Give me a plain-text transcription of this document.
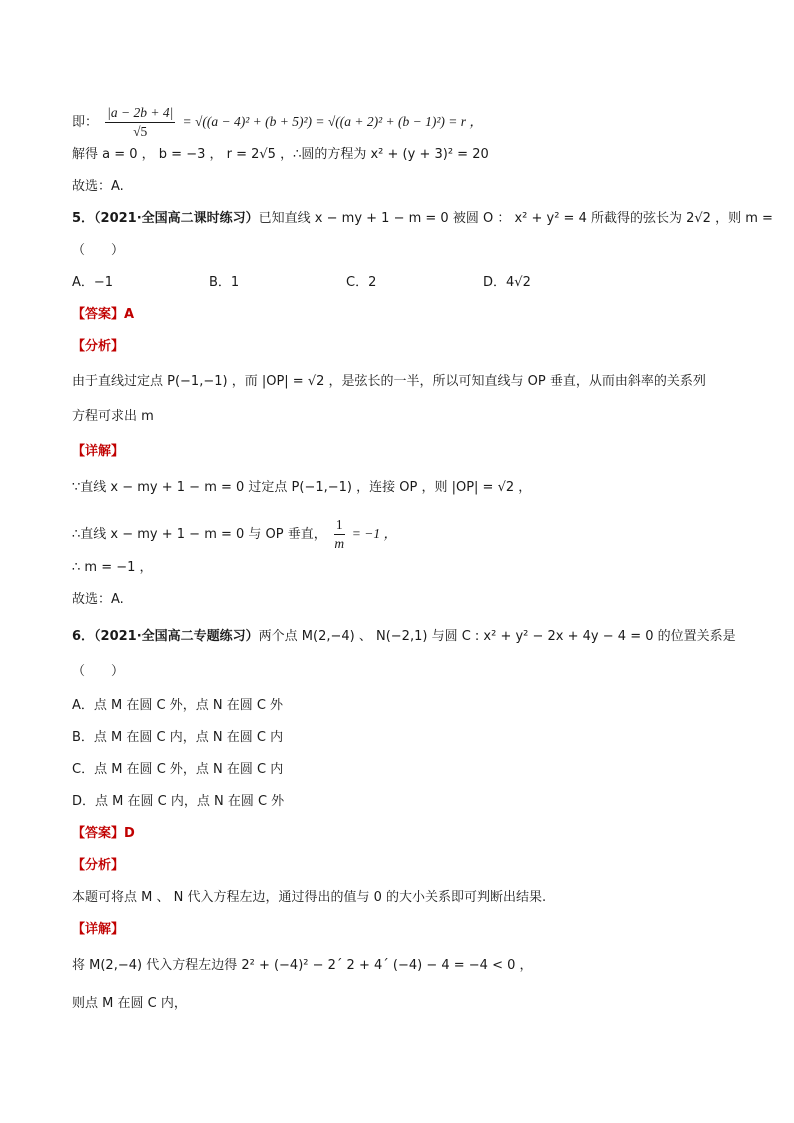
即： $\frac{|a - 2b + 4|}{√5} = √((a - 4)^2 + (b + 5)^2) = √((a + 2)^2 + (b - 1)^2) = r$ ，
解得 a = 0 ， b = −3 ， r = 2√5 ，∴圆的方程为 x² + (y + 3)² = 20
故选：A.
5．（2021·全国高二课时练习）已知直线 x − my + 1 − m = 0 被圆 O ： x² + y² = 4 所截得的弦长为 2√2 ，则 m =
（　　）
A．−1	B．1	C．2	D．4√2
【答案】A
【分析】
由于直线过定点 P(−1,−1) ，而 |OP| = √2 ，是弦长的一半，所以可知直线与 OP 垂直，从而由斜率的关系列
方程可求出 m
【详解】
∵直线 x − my + 1 − m = 0 过定点 P(−1,−1) ，连接 OP ，则 |OP| = √2 ，
∴直线 x − my + 1 − m = 0 与 OP 垂直， $\frac{1}{m} = -1$ ，
∴ m = −1 ，
故选：A.
6．（2021·全国高二专题练习）两个点 M(2,−4) 、 N(−2,1) 与圆 C : x² + y² − 2x + 4y − 4 = 0 的位置关系是
（　　）
A．点 M 在圆 C 外，点 N 在圆 C 外
B．点 M 在圆 C 内，点 N 在圆 C 内
C．点 M 在圆 C 外，点 N 在圆 C 内
D．点 M 在圆 C 内，点 N 在圆 C 外
【答案】D
【分析】
本题可将点 M 、 N 代入方程左边，通过得出的值与 0 的大小关系即可判断出结果.
【详解】
将 M(2,−4) 代入方程左边得 2² + (−4)² − 2´ 2 + 4´ (−4) − 4 = −4 < 0 ，
则点 M 在圆 C 内，
